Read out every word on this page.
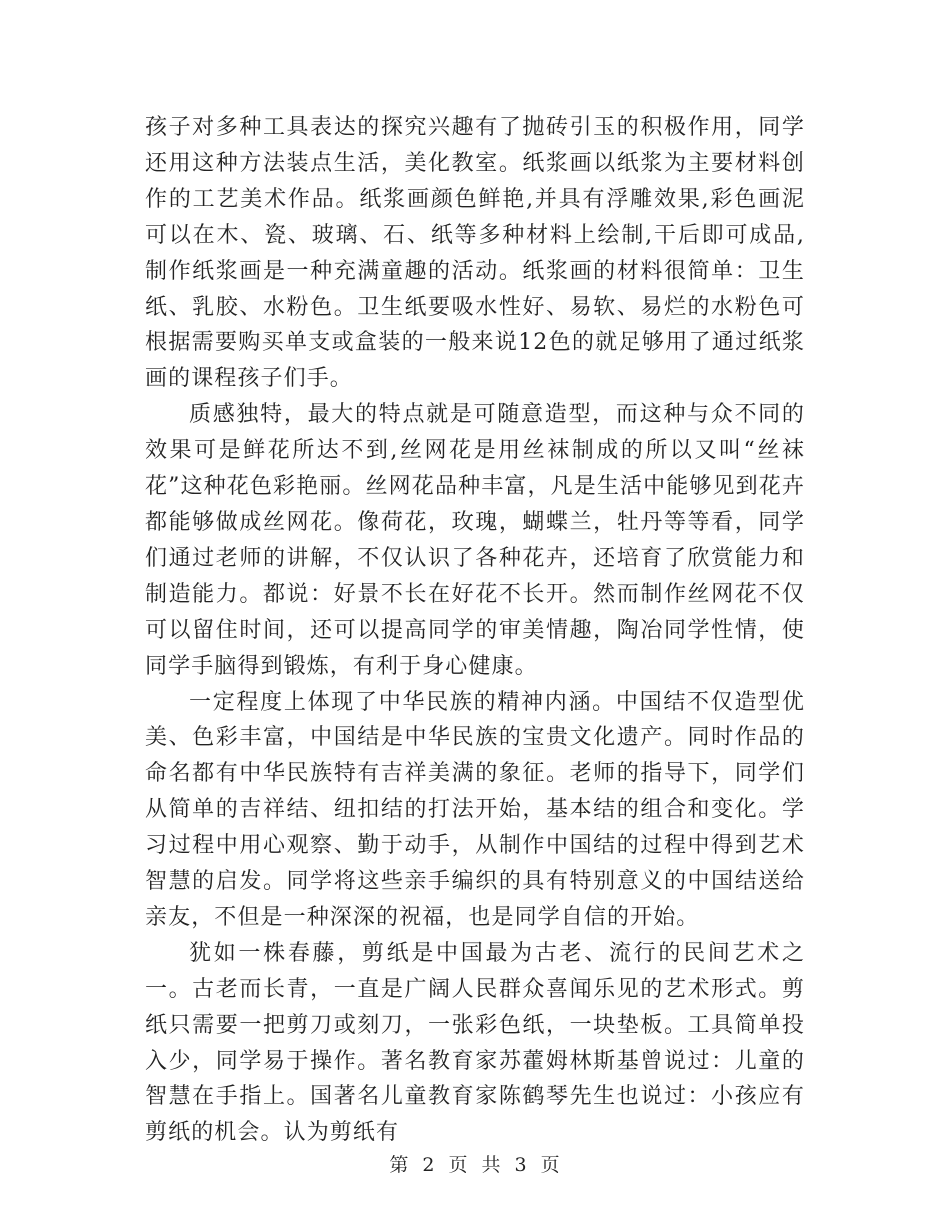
孩子对多种工具表达的探究兴趣有了抛砖引玉的积极作用，同学还用这种方法装点生活，美化教室。纸浆画以纸浆为主要材料创作的工艺美术作品。纸浆画颜色鲜艳,并具有浮雕效果,彩色画泥可以在木、瓷、玻璃、石、纸等多种材料上绘制,干后即可成品,制作纸浆画是一种充满童趣的活动。纸浆画的材料很简单：卫生纸、乳胶、水粉色。卫生纸要吸水性好、易软、易烂的水粉色可根据需要购买单支或盒装的一般来说12色的就足够用了通过纸浆画的课程孩子们手。

质感独特，最大的特点就是可随意造型，而这种与众不同的效果可是鲜花所达不到,丝网花是用丝袜制成的所以又叫“丝袜花”这种花色彩艳丽。丝网花品种丰富，凡是生活中能够见到花卉都能够做成丝网花。像荷花，玫瑰，蝴蝶兰，牡丹等等看，同学们通过老师的讲解，不仅认识了各种花卉，还培育了欣赏能力和制造能力。都说：好景不长在好花不长开。然而制作丝网花不仅可以留住时间，还可以提高同学的审美情趣，陶冶同学性情，使同学手脑得到锻炼，有利于身心健康。

一定程度上体现了中华民族的精神内涵。中国结不仅造型优美、色彩丰富，中国结是中华民族的宝贵文化遗产。同时作品的命名都有中华民族特有吉祥美满的象征。老师的指导下，同学们从简单的吉祥结、纽扣结的打法开始，基本结的组合和变化。学习过程中用心观察、勤于动手，从制作中国结的过程中得到艺术智慧的启发。同学将这些亲手编织的具有特别意义的中国结送给亲友，不但是一种深深的祝福，也是同学自信的开始。

犹如一株春藤，剪纸是中国最为古老、流行的民间艺术之一。古老而长青，一直是广阔人民群众喜闻乐见的艺术形式。剪纸只需要一把剪刀或刻刀，一张彩色纸，一块垫板。工具简单投入少，同学易于操作。著名教育家苏藿姆林斯基曾说过：儿童的智慧在手指上。国著名儿童教育家陈鹤琴先生也说过：小孩应有剪纸的机会。认为剪纸有

第 2 页 共 3 页
